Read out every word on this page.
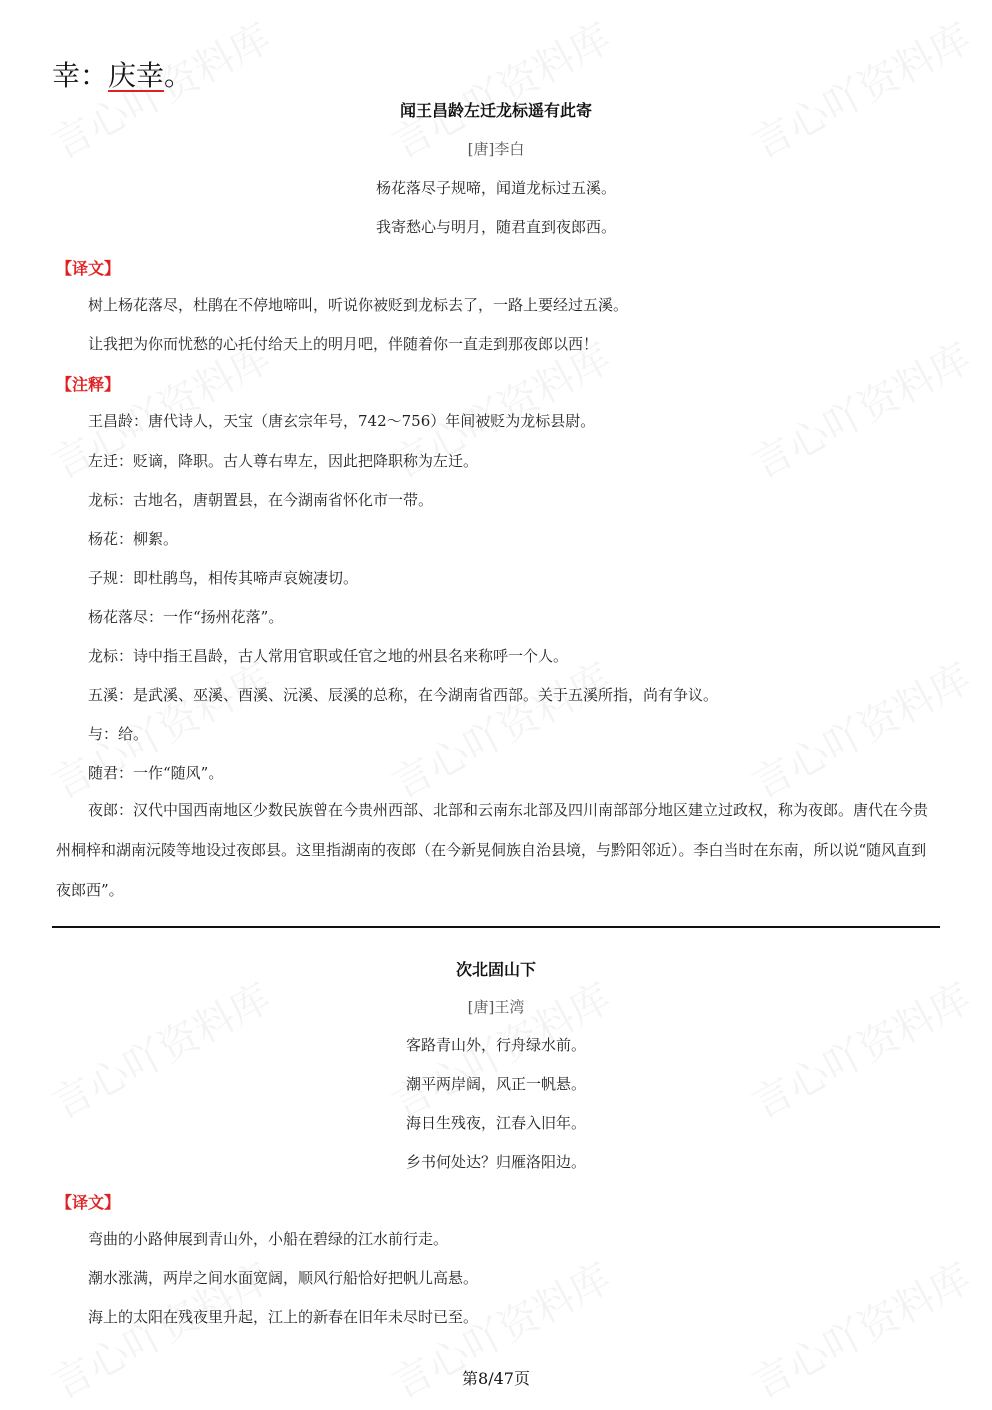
幸：庆幸。
闻王昌龄左迁龙标遥有此寄
[唐]李白
杨花落尽子规啼，闻道龙标过五溪。
我寄愁心与明月，随君直到夜郎西。
【译文】
树上杨花落尽，杜鹃在不停地啼叫，听说你被贬到龙标去了，一路上要经过五溪。
让我把为你而忧愁的心托付给天上的明月吧，伴随着你一直走到那夜郎以西！
【注释】
王昌龄：唐代诗人，天宝（唐玄宗年号，742～756）年间被贬为龙标县尉。
左迁：贬谪，降职。古人尊右卑左，因此把降职称为左迁。
龙标：古地名，唐朝置县，在今湖南省怀化市一带。
杨花：柳絮。
子规：即杜鹃鸟，相传其啼声哀婉凄切。
杨花落尽：一作“扬州花落”。
龙标：诗中指王昌龄，古人常用官职或任官之地的州县名来称呼一个人。
五溪：是武溪、巫溪、酉溪、沅溪、辰溪的总称，在今湖南省西部。关于五溪所指，尚有争议。
与：给。
随君：一作“随风”。
夜郎：汉代中国西南地区少数民族曾在今贵州西部、北部和云南东北部及四川南部部分地区建立过政权，称为夜郎。唐代在今贵州桐梓和湖南沅陵等地设过夜郎县。这里指湖南的夜郎（在今新晃侗族自治县境，与黔阳邻近）。李白当时在东南，所以说“随风直到夜郎西”。
次北固山下
[唐]王湾
客路青山外，行舟绿水前。
潮平两岸阔，风正一帆悬。
海日生残夜，江春入旧年。
乡书何处达？归雁洛阳边。
【译文】
弯曲的小路伸展到青山外，小船在碧绿的江水前行走。
潮水涨满，两岸之间水面宽阔，顺风行船恰好把帆儿高悬。
海上的太阳在残夜里升起，江上的新春在旧年未尽时已至。
第8/47页
